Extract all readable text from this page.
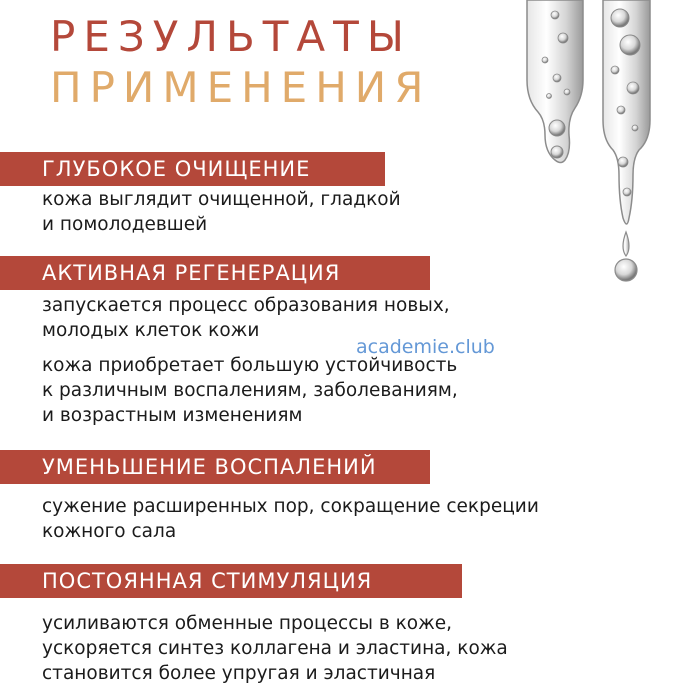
РЕЗУЛЬТАТЫ
ПРИМЕНЕНИЯ
ГЛУБОКОЕ ОЧИЩЕНИЕ

кожа выглядит очищенной, гладкой
и помолодевшей

АКТИВНАЯ РЕГЕНЕРАЦИЯ

запускается процесс образования новых,
молодых клеток кожи

кожа приобретает большую устойчивость
к различным воспалениям, заболеваниям,
и возрастным изменениям

УМЕНЬШЕНИЕ ВОСПАЛЕНИЙ

сужение расширенных пор, сокращение секреции
кожного сала

ПОСТОЯННАЯ СТИМУЛЯЦИЯ

усиливаются обменные процессы в коже,
ускоряется синтез коллагена и эластина, кожа
становится более упругая и эластичная

academie.club
